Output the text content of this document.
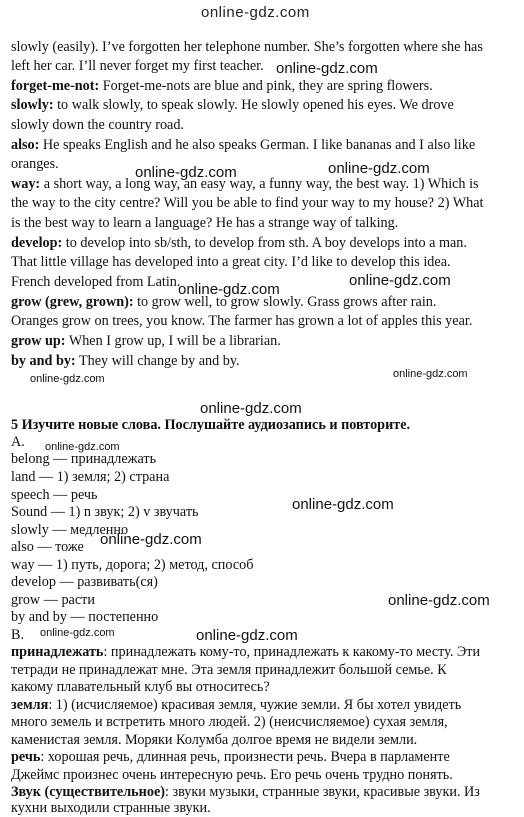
online-gdz.com
slowly (easily). I’ve forgotten her telephone number. She’s forgotten where she has
left her car. I’ll never forget my first teacher.
forget-me-not: Forget-me-nots are blue and pink, they are spring flowers.
slowly: to walk slowly, to speak slowly. He slowly opened his eyes. We drove
slowly down the country road.
also: He speaks English and he also speaks German. I like bananas and I also like
oranges.
way: a short way, a long way, an easy way, a funny way, the best way. 1) Which is
the way to the city centre? Will you be able to find your way to my house? 2) What
is the best way to learn a language? He has a strange way of talking.
develop: to develop into sb/sth, to develop from sth. A boy develops into a man.
That little village has developed into a great city. I’d like to develop this idea.
French developed from Latin.
grow (grew, grown): to grow well, to grow slowly. Grass grows after rain.
Oranges grow on trees, you know. The farmer has grown a lot of apples this year.
grow up: When I grow up, I will be a librarian.
by and by: They will change by and by.
5 Изучите новые слова. Послушайте аудиозапись и повторите.
A.
belong — принадлежать
land — 1) земля; 2) страна
speech — речь
Sound — 1) n звук; 2) v звучать
slowly — медленно
also — тоже
way — 1) путь, дорога; 2) метод, способ
develop — развивать(ся)
grow — расти
by and by — постепенно
B.
принадлежать: принадлежать кому-то, принадлежать к какому-то месту. Эти
тетради не принадлежат мне. Эта земля принадлежит большой семье. К
какому плавательный клуб вы относитесь?
земля: 1) (исчисляемое) красивая земля, чужие земли. Я бы хотел увидеть
много земель и встретить много людей. 2) (неисчисляемое) сухая земля,
каменистая земля. Моряки Колумба долгое время не видели земли.
речь: хорошая речь, длинная речь, произнести речь. Вчера в парламенте
Джеймс произнес очень интересную речь. Его речь очень трудно понять.
Звук (существительное): звуки музыки, странные звуки, красивые звуки. Из
кухни выходили странные звуки.
online-gdz.com
online-gdz.com	online-gdz.com
online-gdz.com
online-gdz.com
online-gdz.com	online-gdz.com
online-gdz.com
online-gdz.com
online-gdz.com
online-gdz.com
online-gdz.com
online-gdz.com	online-gdz.com
